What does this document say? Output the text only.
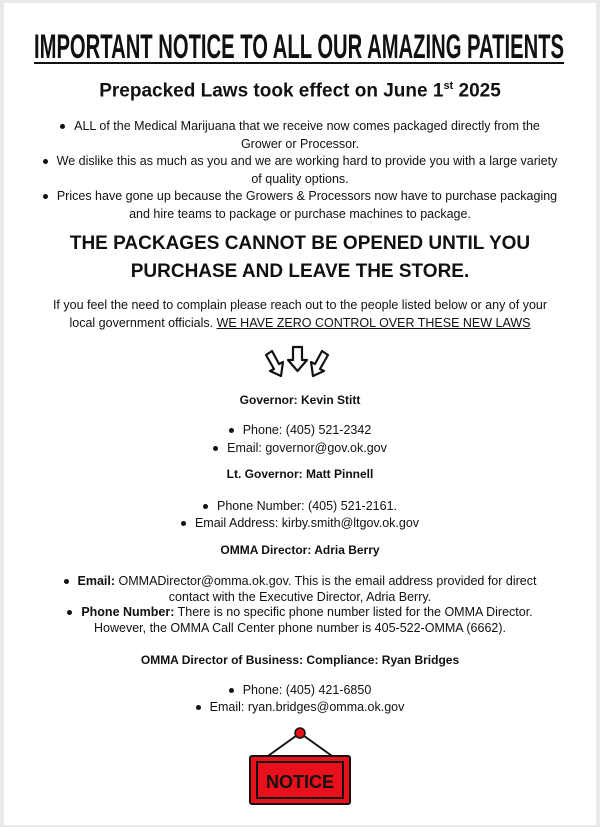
IMPORTANT NOTICE TO ALL OUR AMAZING PATIENTS
Prepacked Laws took effect on June 1st 2025
ALL of the Medical Marijuana that we receive now comes packaged directly from the
Grower or Processor.
We dislike this as much as you and we are working hard to provide you with a large variety
of quality options.
Prices have gone up because the Growers & Processors now have to purchase packaging
and hire teams to package or purchase machines to package.
THE PACKAGES CANNOT BE OPENED UNTIL YOU
PURCHASE AND LEAVE THE STORE.
If you feel the need to complain please reach out to the people listed below or any of your
local government officials. WE HAVE ZERO CONTROL OVER THESE NEW LAWS
Governor: Kevin Stitt
Phone: (405) 521-2342
Email: governor@gov.ok.gov
Lt. Governor: Matt Pinnell
Phone Number: (405) 521-2161.
Email Address: kirby.smith@ltgov.ok.gov
OMMA Director: Adria Berry
Email: OMMADirector@omma.ok.gov. This is the email address provided for direct
contact with the Executive Director, Adria Berry.
Phone Number: There is no specific phone number listed for the OMMA Director.
However, the OMMA Call Center phone number is 405-522-OMMA (6662).
OMMA Director of Business: Compliance: Ryan Bridges
Phone: (405) 421-6850
Email: ryan.bridges@omma.ok.gov
NOTICE
